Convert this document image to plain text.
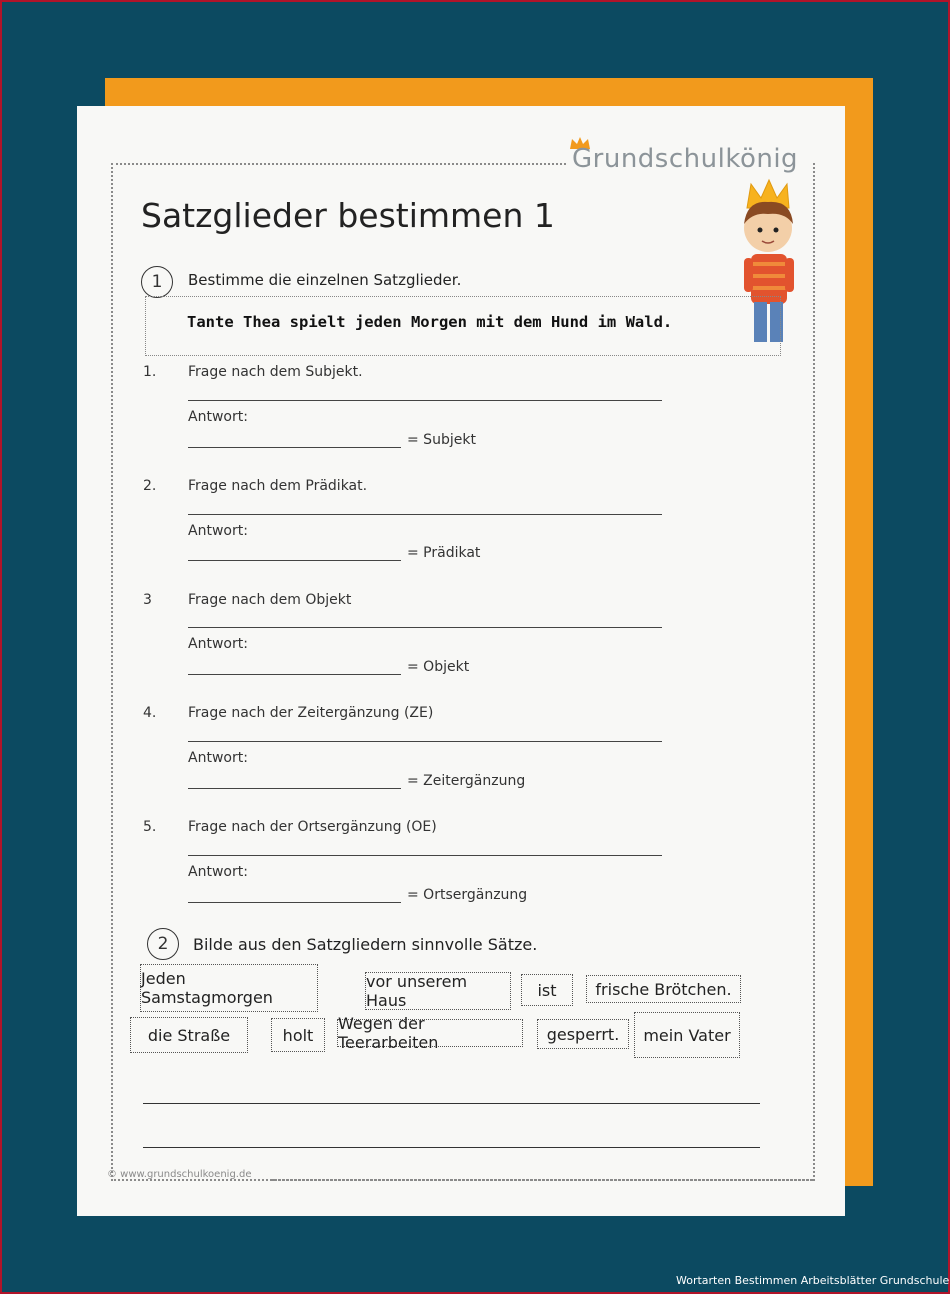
Grundschulkönig
Satzglieder bestimmen 1
1	Bestimme die einzelnen Satzglieder.
Tante Thea spielt jeden Morgen mit dem Hund im Wald.
1. Frage nach dem Subjekt.
Antwort:
= Subjekt
2. Frage nach dem Prädikat.
Antwort:
= Prädikat
3	Frage nach dem Objekt
Antwort:
= Objekt
4. Frage nach der Zeitergänzung (ZE)
Antwort:
= Zeitergänzung
5. Frage nach der Ortsergänzung (OE)
Antwort:
= Ortsergänzung
2	Bilde aus den Satzgliedern sinnvolle Sätze.
Jeden Samstagmorgen
vor unserem Haus
ist	frische Brötchen.
die Straße	holt
Wegen der Teerarbeiten	gesperrt.	mein Vater
© www.grundschulkoenig.de
Wortarten Bestimmen Arbeitsblätter Grundschule
